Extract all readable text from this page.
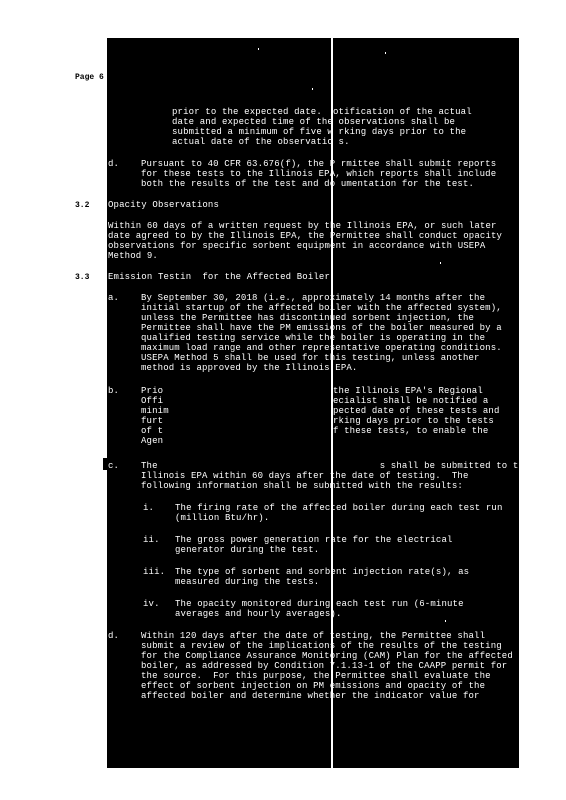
Page 6
3.2
3.3
prior to the expected date.  otification of the actual
date and expected time of the observations shall be
submitted a minimum of five w rking days prior to the
actual date of the observatio s.
d. Pursuant to 40 CFR 63.676(f), the P rmittee shall submit reports
for these tests to the Illinois EPA, which reports shall include
both the results of the test and do umentation for the test.
Opacity Observations
Within 60 days of a written request by the Illinois EPA, or such later
date agreed to by the Illinois EPA, the Permittee shall conduct opacity
observations for specific sorbent equipment in accordance with USEPA
Method 9.
Emission Testin  for the Affected Boiler
a. By September 30, 2018 (i.e., approximately 14 months after the
initial startup of the affected boiler with the affected system),
unless the Permittee has discontinued sorbent injection, the
Permittee shall have the PM emissions of the boiler measured by a
qualified testing service while the boiler is operating in the
maximum load range and other representative operating conditions.
USEPA Method 5 shall be used for this testing, unless another
method is approved by the Illinois EPA.
b. Prio
Offi
minim
furt
of t
Agen
the Illinois EPA's Regional
ecialist shall be notified a
pected date of these tests and
rking days prior to the tests
f these tests, to enable the
c. The                                        s shall be submitted to the
Illinois EPA within 60 days after the date of testing.  The
following information shall be submitted with the results:
i. The firing rate of the affected boiler during each test run
(million Btu/hr).
ii. The gross power generation rate for the electrical
generator during the test.
iii. The type of sorbent and sorbent injection rate(s), as
measured during the tests.
iv. The opacity monitored during each test run (6-minute
averages and hourly averages).
d. Within 120 days after the date of testing, the Permittee shall
submit a review of the implications of the results of the testing
for the Compliance Assurance Monitoring (CAM) Plan for the affected
boiler, as addressed by Condition 7.1.13-1 of the CAAPP permit for
the source.  For this purpose, the Permittee shall evaluate the
effect of sorbent injection on PM emissions and opacity of the
affected boiler and determine whether the indicator value for
